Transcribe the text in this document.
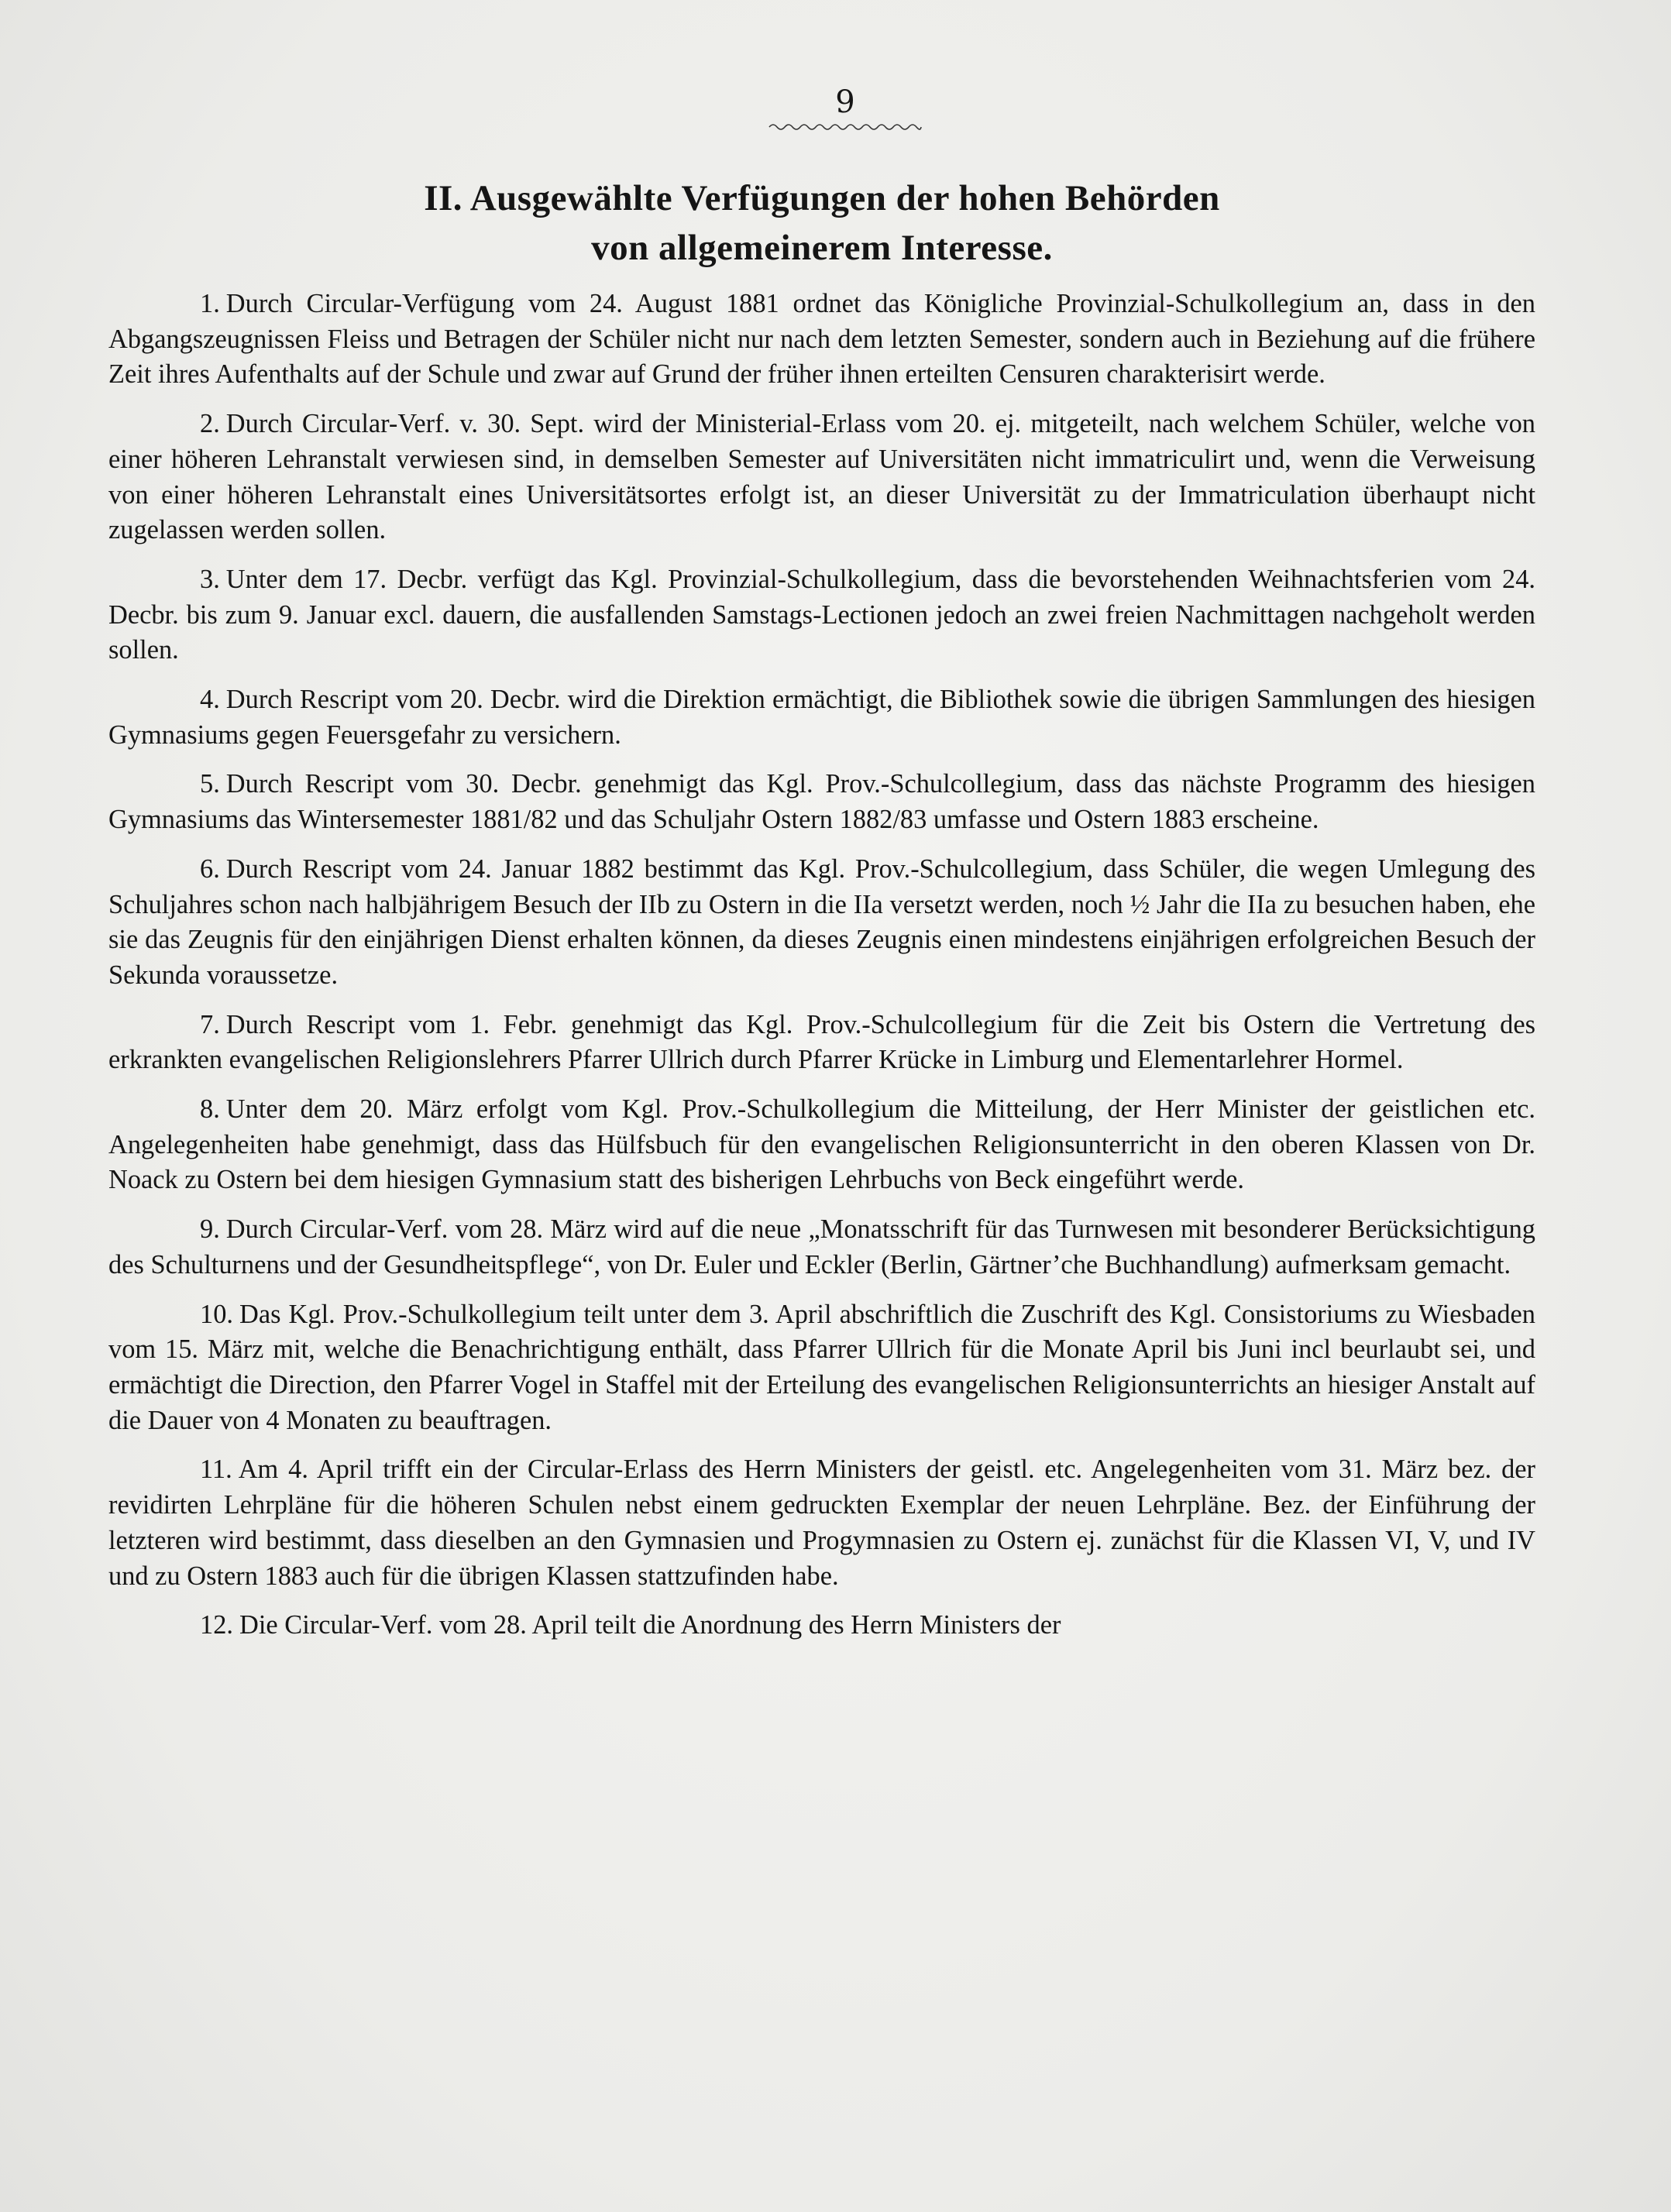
9
II. Ausgewählte Verfügungen der hohen Behörden
von allgemeinerem Interesse.

1. Durch Circular-Verfügung vom 24. August 1881 ordnet das Königliche Provinzial-Schulkollegium an, dass in den Abgangszeugnissen Fleiss und Betragen der Schüler nicht nur nach dem letzten Semester, sondern auch in Beziehung auf die frühere Zeit ihres Aufenthalts auf der Schule und zwar auf Grund der früher ihnen erteilten Censuren charakterisirt werde.

2. Durch Circular-Verf. v. 30. Sept. wird der Ministerial-Erlass vom 20. ej. mitgeteilt, nach welchem Schüler, welche von einer höheren Lehranstalt verwiesen sind, in demselben Semester auf Universitäten nicht immatriculirt und, wenn die Verweisung von einer höheren Lehranstalt eines Universitätsortes erfolgt ist, an dieser Universität zu der Immatriculation überhaupt nicht zugelassen werden sollen.

3. Unter dem 17. Decbr. verfügt das Kgl. Provinzial-Schulkollegium, dass die bevorstehenden Weihnachtsferien vom 24. Decbr. bis zum 9. Januar excl. dauern, die ausfallenden Samstags-Lectionen jedoch an zwei freien Nachmittagen nachgeholt werden sollen.

4. Durch Rescript vom 20. Decbr. wird die Direktion ermächtigt, die Bibliothek sowie die übrigen Sammlungen des hiesigen Gymnasiums gegen Feuersgefahr zu versichern.

5. Durch Rescript vom 30. Decbr. genehmigt das Kgl. Prov.-Schulcollegium, dass das nächste Programm des hiesigen Gymnasiums das Wintersemester 1881/82 und das Schuljahr Ostern 1882/83 umfasse und Ostern 1883 erscheine.

6. Durch Rescript vom 24. Januar 1882 bestimmt das Kgl. Prov.-Schulcollegium, dass Schüler, die wegen Umlegung des Schuljahres schon nach halbjährigem Besuch der IIb zu Ostern in die IIa versetzt werden, noch ½ Jahr die IIa zu besuchen haben, ehe sie das Zeugnis für den einjährigen Dienst erhalten können, da dieses Zeugnis einen mindestens einjährigen erfolgreichen Besuch der Sekunda voraussetze.

7. Durch Rescript vom 1. Febr. genehmigt das Kgl. Prov.-Schulcollegium für die Zeit bis Ostern die Vertretung des erkrankten evangelischen Religionslehrers Pfarrer Ullrich durch Pfarrer Krücke in Limburg und Elementarlehrer Hormel.

8. Unter dem 20. März erfolgt vom Kgl. Prov.-Schulkollegium die Mitteilung, der Herr Minister der geistlichen etc. Angelegenheiten habe genehmigt, dass das Hülfsbuch für den evangelischen Religionsunterricht in den oberen Klassen von Dr. Noack zu Ostern bei dem hiesigen Gymnasium statt des bisherigen Lehrbuchs von Beck eingeführt werde.

9. Durch Circular-Verf. vom 28. März wird auf die neue „Monatsschrift für das Turnwesen mit besonderer Berücksichtigung des Schulturnens und der Gesundheitspflege“, von Dr. Euler und Eckler (Berlin, Gärtner’che Buchhandlung) aufmerksam gemacht.

10. Das Kgl. Prov.-Schulkollegium teilt unter dem 3. April abschriftlich die Zuschrift des Kgl. Consistoriums zu Wiesbaden vom 15. März mit, welche die Benachrichtigung enthält, dass Pfarrer Ullrich für die Monate April bis Juni incl beurlaubt sei, und ermächtigt die Direction, den Pfarrer Vogel in Staffel mit der Erteilung des evangelischen Religionsunterrichts an hiesiger Anstalt auf die Dauer von 4 Monaten zu beauftragen.

11. Am 4. April trifft ein der Circular-Erlass des Herrn Ministers der geistl. etc. Angelegenheiten vom 31. März bez. der revidirten Lehrpläne für die höheren Schulen nebst einem gedruckten Exemplar der neuen Lehrpläne. Bez. der Einführung der letzteren wird bestimmt, dass dieselben an den Gymnasien und Progymnasien zu Ostern ej. zunächst für die Klassen VI, V, und IV und zu Ostern 1883 auch für die übrigen Klassen stattzufinden habe.

12. Die Circular-Verf. vom 28. April teilt die Anordnung des Herrn Ministers der
